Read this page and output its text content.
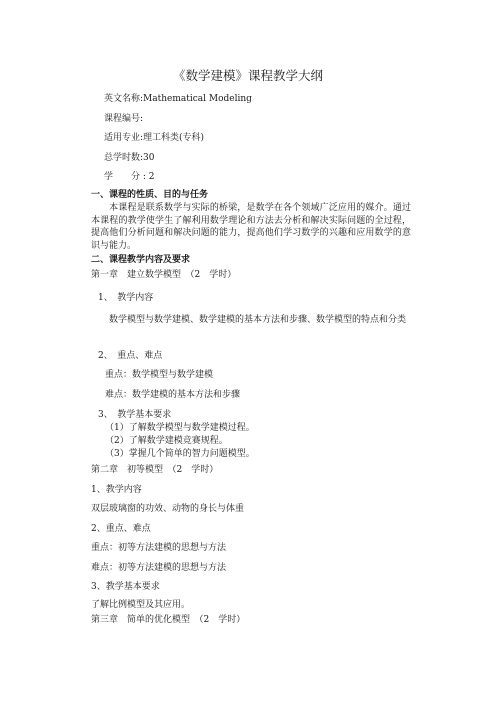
《数学建模》课程教学大纲
英文名称:Mathematical Modeling
课程编号:
适用专业:理工科类(专科)
总学时数:30
学　　分 : 2
一、课程的性质、目的与任务
本课程是联系数学与实际的桥梁，是数学在各个领域广泛应用的媒介。通过本课程的教学使学生了解利用数学理论和方法去分析和解决实际问题的全过程，提高他们分析问题和解决问题的能力，提高他们学习数学的兴趣和应用数学的意识与能力。
二、课程教学内容及要求
第一章　建立数学模型　（2　学时）
1、　教学内容
数学模型与数学建模、数学建模的基本方法和步骤、数学模型的特点和分类
2、　重点、难点
重点：数学模型与数学建模
难点：数学建模的基本方法和步骤
3、　教学基本要求
（1）了解数学模型与数学建模过程。
（2）了解数学建模竞赛规程。
（3）掌握几个简单的智力问题模型。
第二章　初等模型　（2　学时）
1、教学内容
双层玻璃窗的功效、动物的身长与体重
2、重点、难点
重点：初等方法建模的思想与方法
难点：初等方法建模的思想与方法
3、教学基本要求
了解比例模型及其应用。
第三章　简单的优化模型　（2　学时）
